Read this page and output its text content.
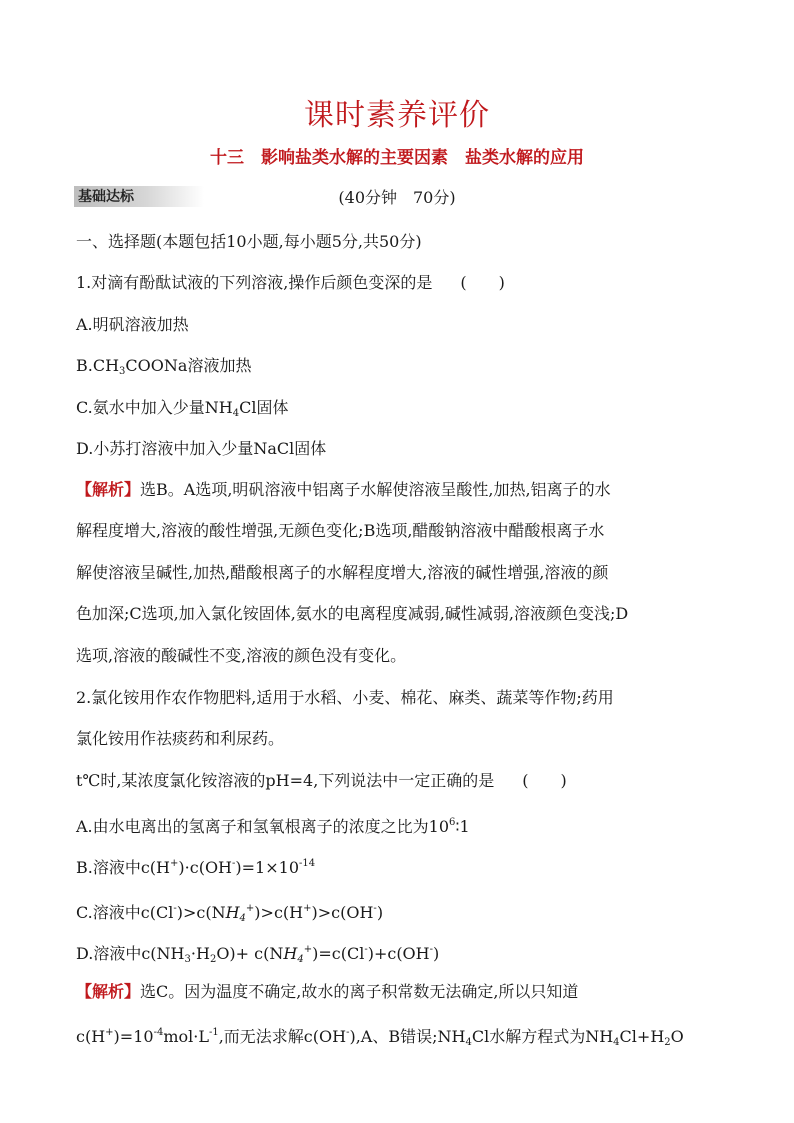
课时素养评价
十三　影响盐类水解的主要因素　盐类水解的应用
基础达标	(40分钟　70分)
一、选择题(本题包括10小题,每小题5分,共50分)
1.对滴有酚酞试液的下列溶液,操作后颜色变深的是 (　　)
A.明矾溶液加热
$B.CH_3COONa$溶液加热
C.氨水中加入少量$NH_4Cl$固体
D.小苏打溶液中加入少量NaCl固体
【解析】选B。A选项,明矾溶液中铝离子水解使溶液呈酸性,加热,铝离子的水
解程度增大,溶液的酸性增强,无颜色变化;B选项,醋酸钠溶液中醋酸根离子水
解使溶液呈碱性,加热,醋酸根离子的水解程度增大,溶液的碱性增强,溶液的颜
色加深;C选项,加入氯化铵固体,氨水的电离程度减弱,碱性减弱,溶液颜色变浅;D
选项,溶液的酸碱性不变,溶液的颜色没有变化。
2.氯化铵用作农作物肥料,适用于水稻、小麦、棉花、麻类、蔬菜等作物;药用
氯化铵用作祛痰药和利尿药。
t℃时,某浓度氯化铵溶液的pH=4,下列说法中一定正确的是 (　　)
A.由水电离出的氢离子和氢氧根离子的浓度之比为$10^6∶1$
B.溶液中$c(H^+)\cdot c(OH^-)=1\times 10^{-14}$
C.溶液中$c(Cl^-)>c(NH_4^+)>c(H^+)>c(OH^-)$
D.溶液中$c(NH_3\cdot H_2O)+ c(NH_4^+)=c(Cl^-)+c(OH^-)$
【解析】选C。因为温度不确定,故水的离子积常数无法确定,所以只知道
$c(H^+)=10^{-4}mol\cdot L^{-1}$,而无法求解c(OH-),A、B错误$;NH_4Cl$水解方程式为$NH_4Cl+H_2O$
